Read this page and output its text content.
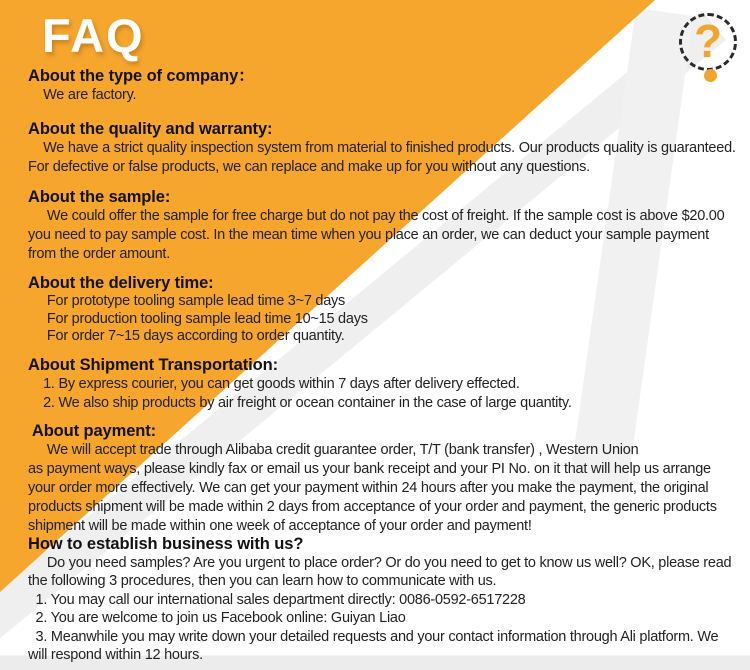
FAQ	?
About the type of company：
We are factory.
About the quality and warranty:
We have a strict quality inspection system from material to finished products. Our products quality is guaranteed.
For defective or false products, we can replace and make up for you without any questions.
About the sample:
We could offer the sample for free charge but do not pay the cost of freight. If the sample cost is above $20.00
you need to pay sample cost. In the mean time when you place an order, we can deduct your sample payment
from the order amount.
About the delivery time:
For prototype tooling sample lead time 3~7 days
For production tooling sample lead time 10~15 days
For order 7~15 days according to order quantity.
About Shipment Transportation:
1. By express courier, you can get goods within 7 days after delivery effected.
2. We also ship products by air freight or ocean container in the case of large quantity.
About payment:
We will accept trade through Alibaba credit guarantee order, T/T (bank transfer) , Western Union
as payment ways, please kindly fax or email us your bank receipt and your PI No. on it that will help us arrange
your order more effectively. We can get your payment within 24 hours after you make the payment, the original
products shipment will be made within 2 days from acceptance of your order and payment, the generic products
shipment will be made within one week of acceptance of your order and payment!
How to establish business with us?
Do you need samples? Are you urgent to place order? Or do you need to get to know us well? OK, please read
the following 3 procedures, then you can learn how to communicate with us.
1. You may call our international sales department directly: 0086-0592-6517228
2. You are welcome to join us Facebook online: Guiyan Liao
3. Meanwhile you may write down your detailed requests and your contact information through Ali platform. We
will respond within 12 hours.
